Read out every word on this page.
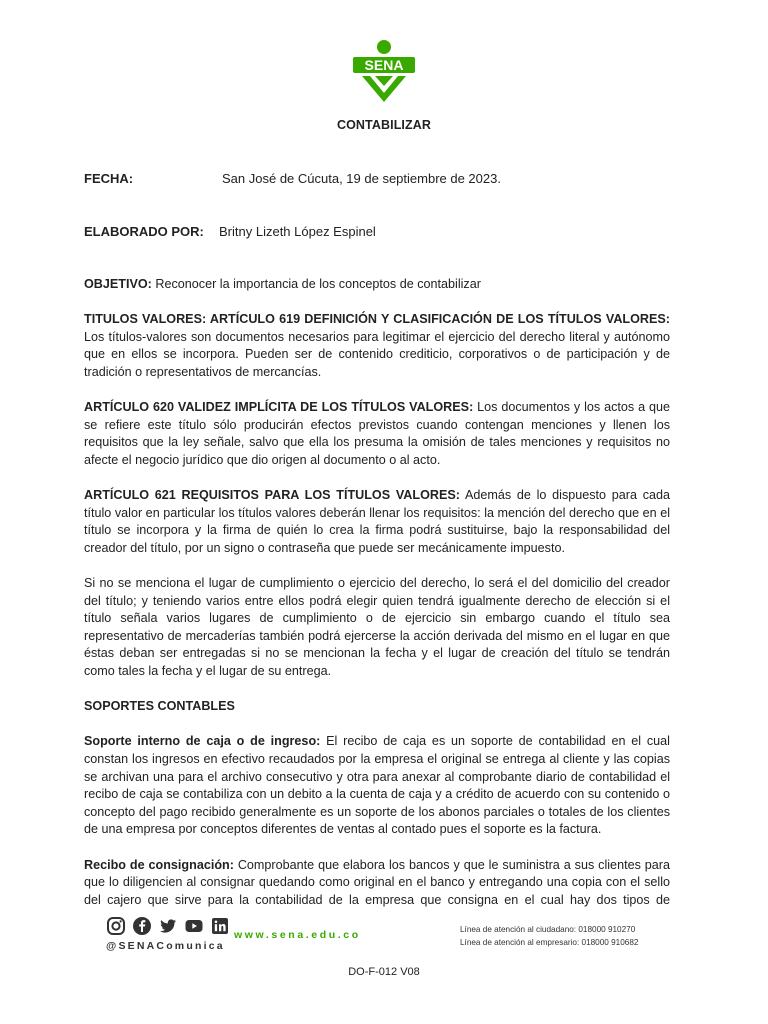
SENA
CONTABILIZAR
FECHA:	San José de Cúcuta, 19 de septiembre de 2023.
ELABORADO POR: Britny Lizeth López Espinel

OBJETIVO: Reconocer la importancia de los conceptos de contabilizar

TITULOS VALORES: ARTÍCULO 619 DEFINICIÓN Y CLASIFICACIÓN DE LOS TÍTULOS VALORES: Los títulos-valores son documentos necesarios para legitimar el ejercicio del derecho literal y autónomo que en ellos se incorpora. Pueden ser de contenido crediticio, corporativos o de participación y de tradición o representativos de mercancías.

ARTÍCULO 620 VALIDEZ IMPLÍCITA DE LOS TÍTULOS VALORES: Los documentos y los actos a que se refiere este título sólo producirán efectos previstos cuando contengan menciones y llenen los requisitos que la ley señale, salvo que ella los presuma la omisión de tales menciones y requisitos no afecte el negocio jurídico que dio origen al documento o al acto.

ARTÍCULO 621 REQUISITOS PARA LOS TÍTULOS VALORES: Además de lo dispuesto para cada título valor en particular los títulos valores deberán llenar los requisitos: la mención del derecho que en el título se incorpora y la firma de quién lo crea la firma podrá sustituirse, bajo la responsabilidad del creador del título, por un signo o contraseña que puede ser mecánicamente impuesto.

Si no se menciona el lugar de cumplimiento o ejercicio del derecho, lo será el del domicilio del creador del título; y teniendo varios entre ellos podrá elegir quien tendrá igualmente derecho de elección si el título señala varios lugares de cumplimiento o de ejercicio sin embargo cuando el título sea representativo de mercaderías también podrá ejercerse la acción derivada del mismo en el lugar en que éstas deban ser entregadas si no se mencionan la fecha y el lugar de creación del título se tendrán como tales la fecha y el lugar de su entrega.

SOPORTES CONTABLES

Soporte interno de caja o de ingreso: El recibo de caja es un soporte de contabilidad en el cual constan los ingresos en efectivo recaudados por la empresa el original se entrega al cliente y las copias se archivan una para el archivo consecutivo y otra para anexar al comprobante diario de contabilidad el recibo de caja se contabiliza con un debito a la cuenta de caja y a crédito de acuerdo con su contenido o concepto del pago recibido generalmente es un soporte de los abonos parciales o totales de los clientes de una empresa por conceptos diferentes de ventas al contado pues el soporte es la factura.

Recibo de consignación: Comprobante que elabora los bancos y que le suministra a sus clientes para que lo diligencien al consignar quedando como original en el banco y entregando una copia con el sello del cajero que sirve para la contabilidad de la empresa que consigna en el cual hay dos tipos de

@SENAComunica
www.sena.edu.co	Línea de atención al ciudadano: 018000 910270
Línea de atención al empresario: 018000 910682
DO-F-012 V08
